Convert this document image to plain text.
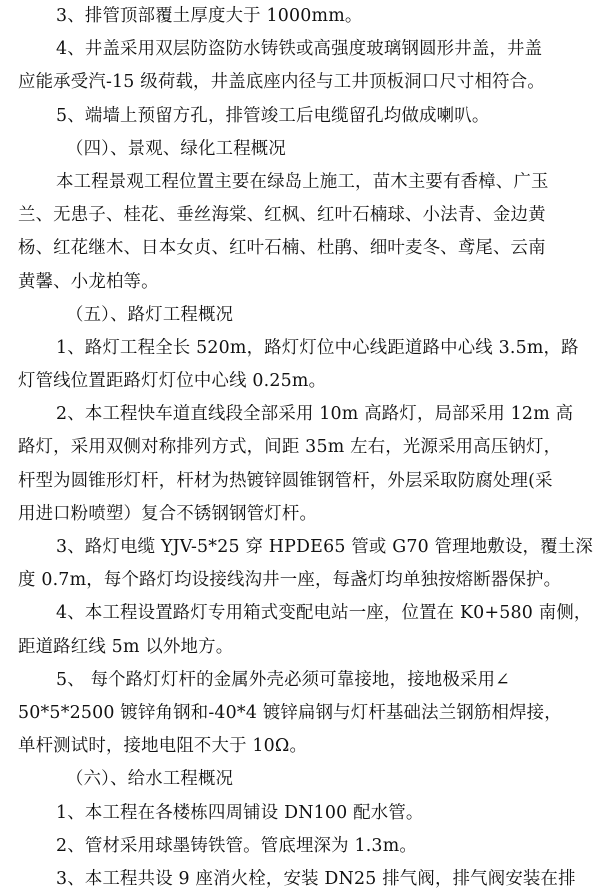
3、排管顶部覆土厚度大于 1000mm。
4、井盖采用双层防盗防水铸铁或高强度玻璃钢圆形井盖，井盖
应能承受汽-15 级荷载，井盖底座内径与工井顶板洞口尺寸相符合。
5、端墙上预留方孔，排管竣工后电缆留孔均做成喇叭。
（四）、景观、绿化工程概况
本工程景观工程位置主要在绿岛上施工，苗木主要有香樟、广玉
兰、无患子、桂花、垂丝海棠、红枫、红叶石楠球、小法青、金边黄
杨、红花继木、日本女贞、红叶石楠、杜鹃、细叶麦冬、鸢尾、云南
黄馨、小龙柏等。
（五）、路灯工程概况
1、路灯工程全长 520m，路灯灯位中心线距道路中心线 3.5m，路
灯管线位置距路灯灯位中心线 0.25m。
2、本工程快车道直线段全部采用 10m 高路灯，局部采用 12m 高
路灯，采用双侧对称排列方式，间距 35m 左右，光源采用高压钠灯，
杆型为圆锥形灯杆，杆材为热镀锌圆锥钢管杆，外层采取防腐处理(采
用进口粉喷塑）复合不锈钢钢管灯杆。
3、路灯电缆 YJV-5*25 穿 HPDE65 管或 G70 管理地敷设，覆土深
度 0.7m，每个路灯均设接线沟井一座，每盏灯均单独按熔断器保护。
4、本工程设置路灯专用箱式变配电站一座，位置在 K0+580 南侧，
距道路红线 5m 以外地方。
5、 每个路灯灯杆的金属外壳必须可靠接地，接地极采用∠
50*5*2500 镀锌角钢和-40*4 镀锌扁钢与灯杆基础法兰钢筋相焊接，
单杆测试时，接地电阻不大于 10Ω。
（六）、给水工程概况
1、本工程在各楼栋四周铺设 DN100 配水管。
2、管材采用球墨铸铁管。管底埋深为 1.3m。
3、本工程共设 9 座消火栓，安装 DN25 排气阀，排气阀安装在排
